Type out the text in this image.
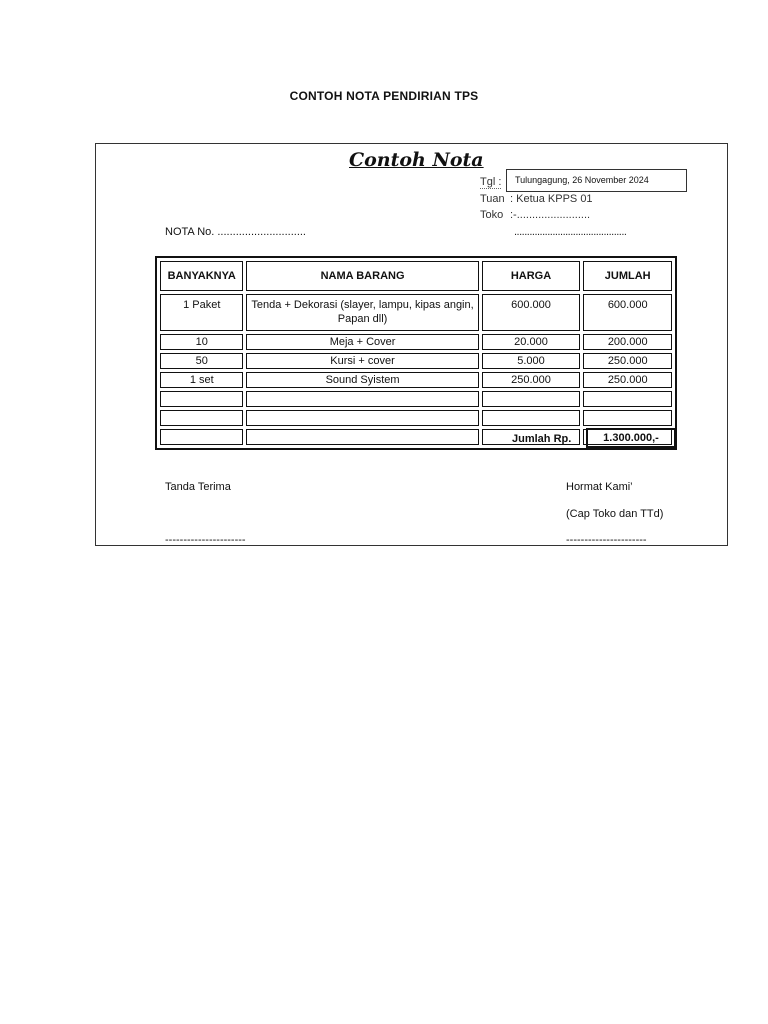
CONTOH NOTA PENDIRIAN TPS
Contoh Nota
Tgl :	Tulungagung, 26 November 2024
Tuan : Ketua KPPS 01
Toko :-........................
NOTA No. .............................	............................................
BANYAKNYA	NAMA BARANG	HARGA	JUMLAH
1 Paket	Tenda + Dekorasi (slayer, lampu, kipas angin, Papan dll)	600.000	600.000
10	Meja + Cover	20.000	200.000
50	Kursi + cover	5.000	250.000
1 set	Sound Syistem	250.000	250.000

Jumlah Rp.	1.300.000,-
Tanda Terima	Hormat Kami’
(Cap Toko dan TTd)
----------------------	----------------------
